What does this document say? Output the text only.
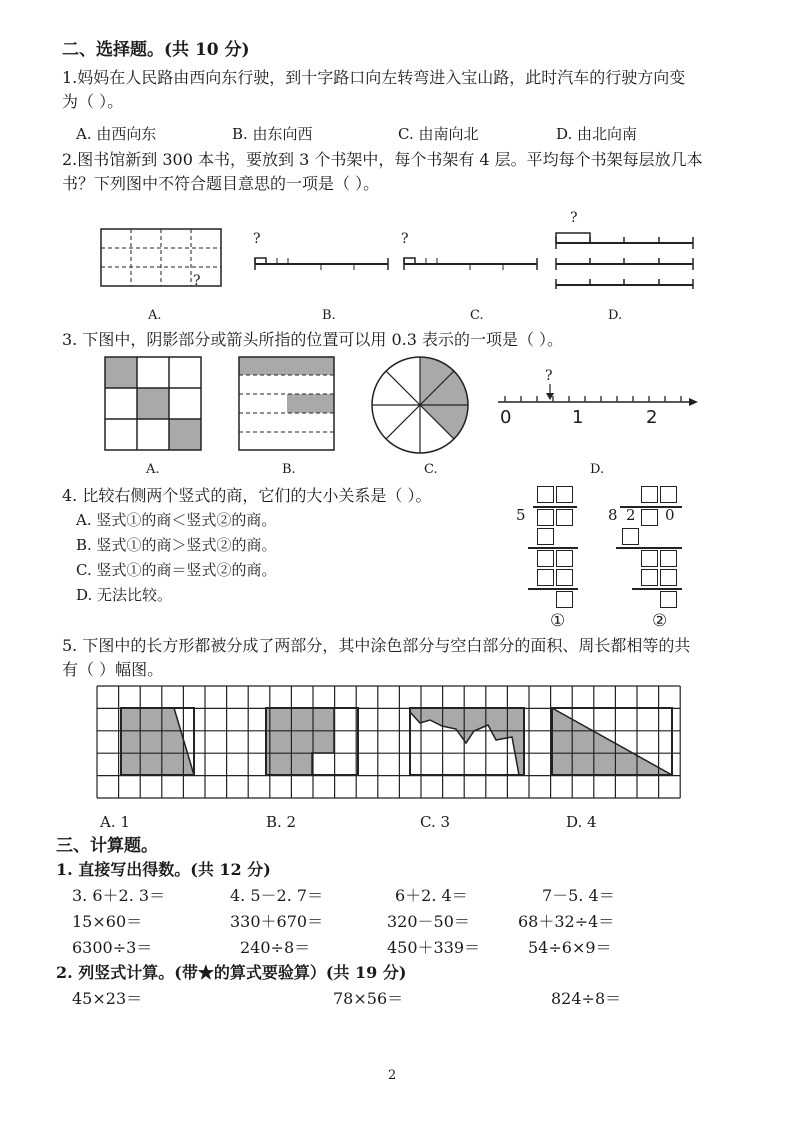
二、选择题。(共 10 分)
1.妈妈在人民路由西向东行驶，到十字路口向左转弯进入宝山路，此时汽车的行驶方向变
为（ ）。
A. 由西向东	B. 由东向西	C. 由南向北	D. 由北向南
2.图书馆新到 300 本书，要放到 3 个书架中，每个书架有 4 层。平均每个书架每层放几本
书？下列图中不符合题目意思的一项是（ ）。
?
?	?
?
A.	B.	C.	D.
3. 下图中，阴影部分或箭头所指的位置可以用 0.3 表示的一项是（ ）。
?
0	1	2
A.	B.	C.	D.
4. 比较右侧两个竖式的商，它们的大小关系是（ ）。
A. 竖式①的商＜竖式②的商。
B. 竖式①的商＞竖式②的商。
C. 竖式①的商＝竖式②的商。
D. 无法比较。
5
①
8 2 0
②
5. 下图中的长方形都被分成了两部分，其中涂色部分与空白部分的面积、周长都相等的共
有（ ）幅图。
A. 1	B. 2	C. 3	D. 4
三、计算题。
1. 直接写出得数。(共 12 分)
3. 6＋2. 3＝	4. 5－2. 7＝	6＋2. 4＝	7－5. 4＝
15×60＝	330＋670＝	320－50＝	68＋32÷4＝
6300÷3＝	240÷8＝	450＋339＝	54÷6×9＝
2. 列竖式计算。(带★的算式要验算）(共 19 分)
45×23＝	78×56＝	824÷8＝
2
